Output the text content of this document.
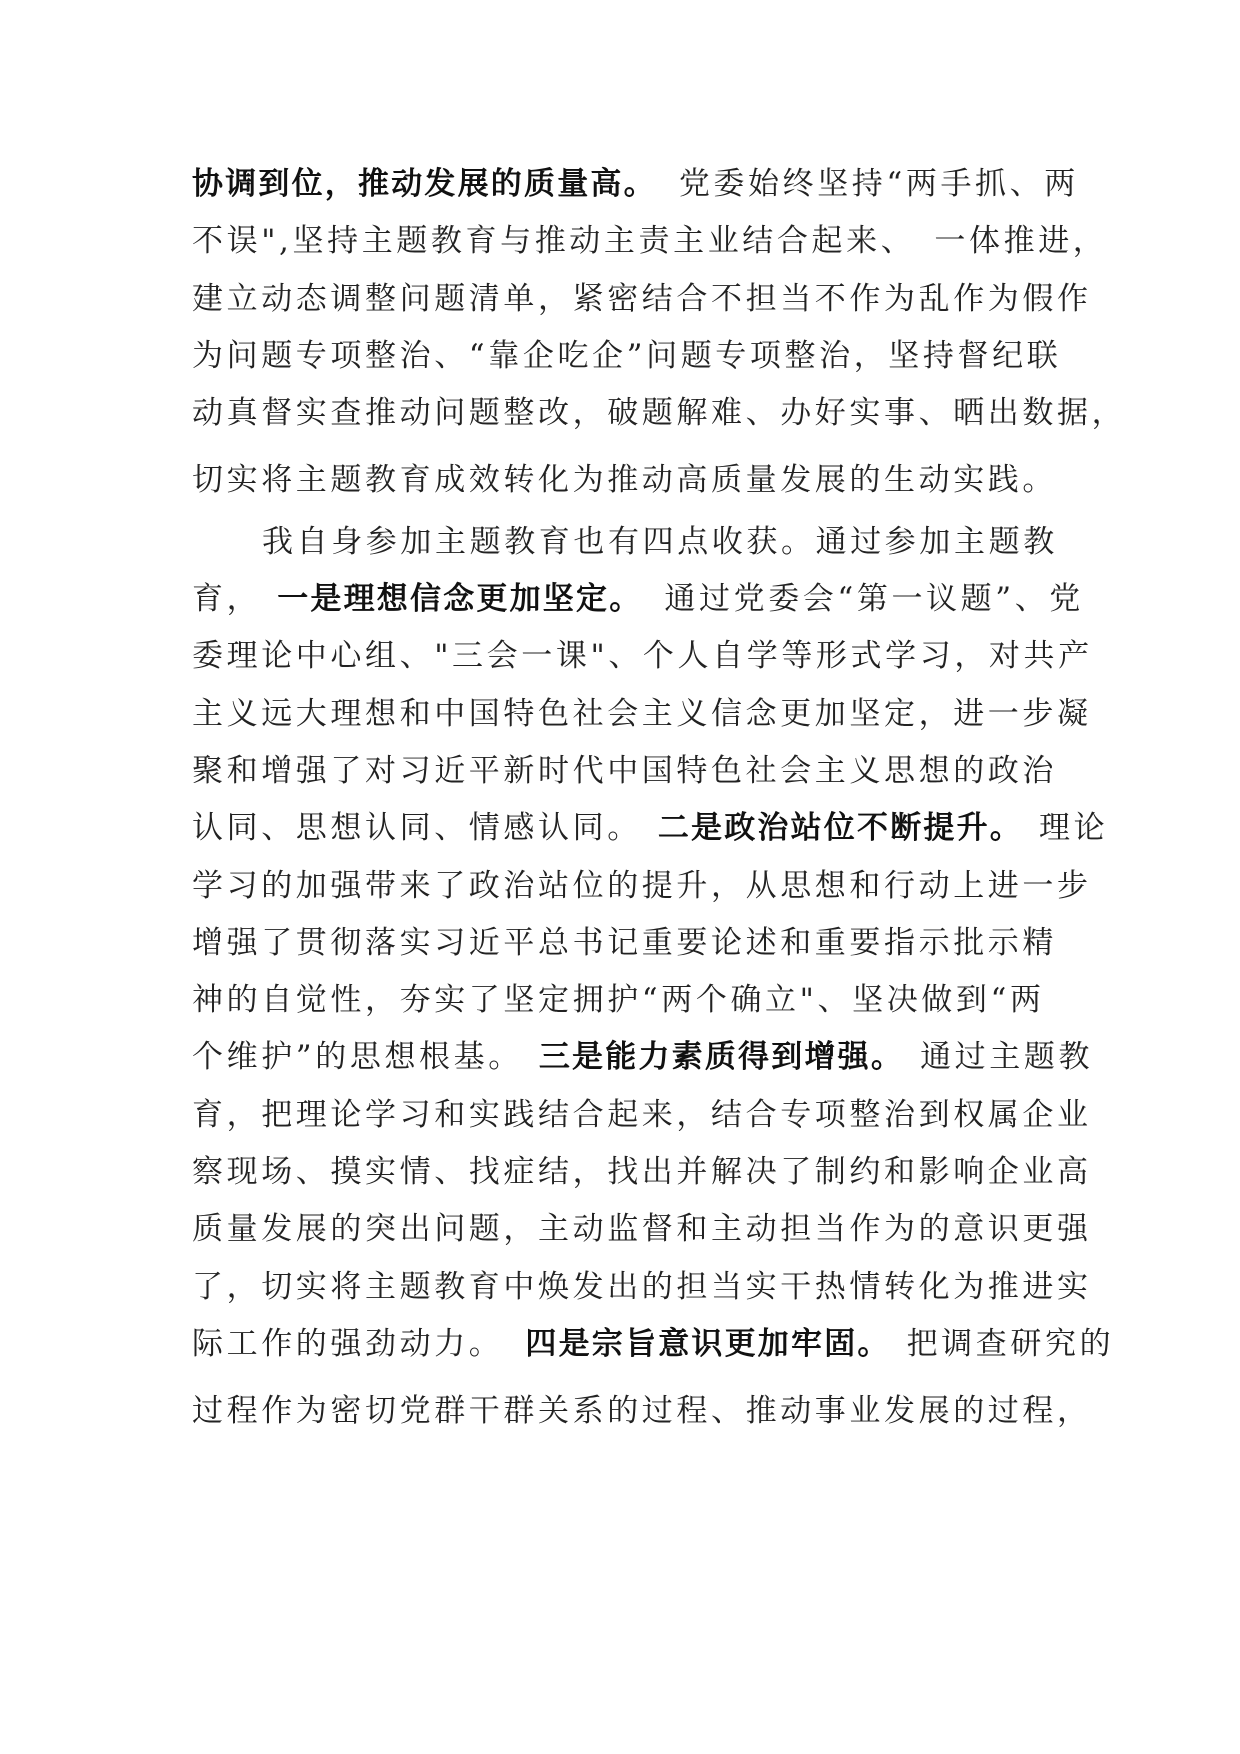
协调到位，推动发展的质量高。 党委始终坚持“两手抓、两
不误",坚持主题教育与推动主责主业结合起来、　一体推进，
建立动态调整问题清单，紧密结合不担当不作为乱作为假作
为问题专项整治、“靠企吃企”问题专项整治，坚持督纪联
动真督实查推动问题整改，破题解难、办好实事、晒出数据，
切实将主题教育成效转化为推动高质量发展的生动实践。
我自身参加主题教育也有四点收获。通过参加主题教
育， 一是理想信念更加坚定。 通过党委会“第一议题”、党
委理论中心组、"三会一课"、个人自学等形式学习，对共产
主义远大理想和中国特色社会主义信念更加坚定，进一步凝
聚和增强了对习近平新时代中国特色社会主义思想的政治
认同、思想认同、情感认同。 二是政治站位不断提升。 理论
学习的加强带来了政治站位的提升，从思想和行动上进一步
增强了贯彻落实习近平总书记重要论述和重要指示批示精
神的自觉性，夯实了坚定拥护“两个确立"、坚决做到“两
个维护”的思想根基。 三是能力素质得到增强。 通过主题教
育，把理论学习和实践结合起来，结合专项整治到权属企业
察现场、摸实情、找症结，找出并解决了制约和影响企业高
质量发展的突出问题，主动监督和主动担当作为的意识更强
了，切实将主题教育中焕发出的担当实干热情转化为推进实
际工作的强劲动力。 四是宗旨意识更加牢固。 把调查研究的
过程作为密切党群干群关系的过程、推动事业发展的过程，
